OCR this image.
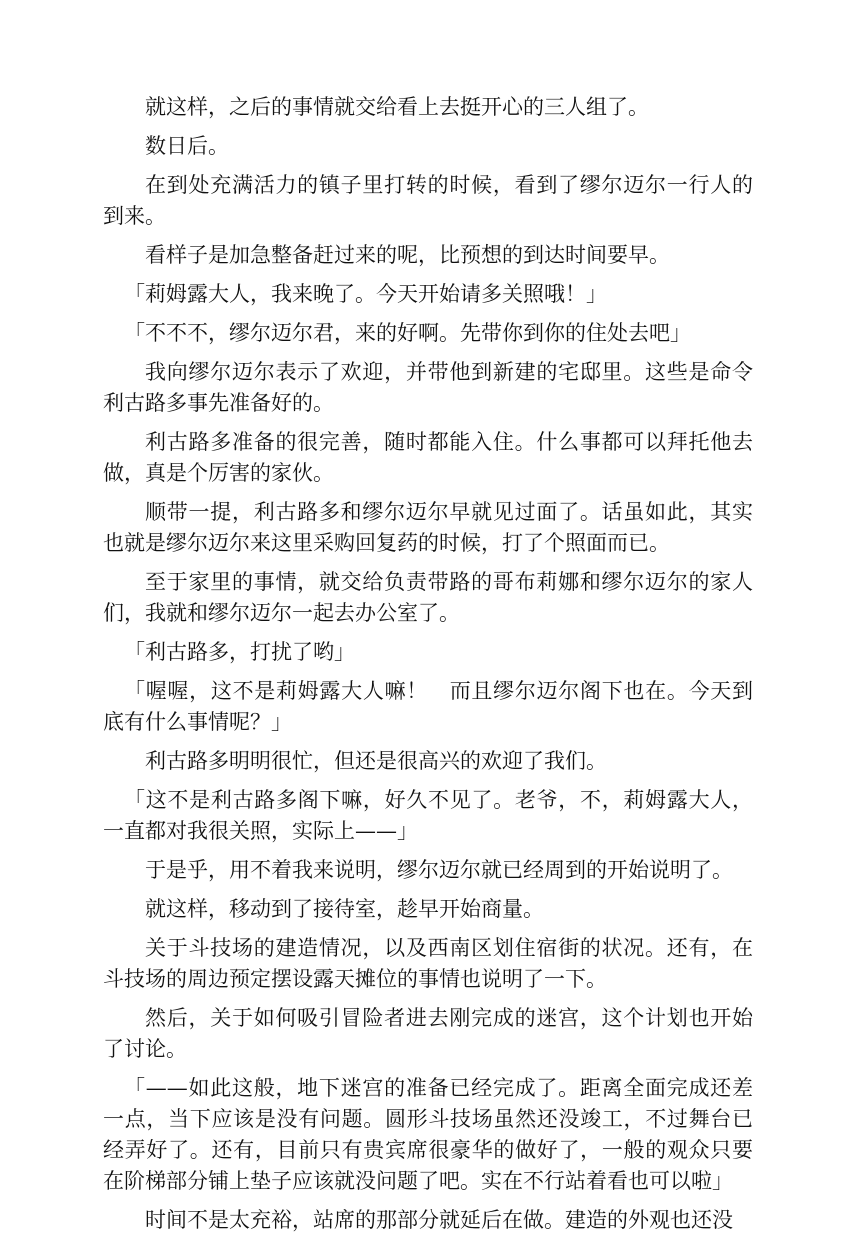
就这样，之后的事情就交给看上去挺开心的三人组了。

数日后。

在到处充满活力的镇子里打转的时候，看到了缪尔迈尔一行人的到来。

看样子是加急整备赶过来的呢，比预想的到达时间要早。

「莉姆露大人，我来晚了。今天开始请多关照哦！」

「不不不，缪尔迈尔君，来的好啊。先带你到你的住处去吧」

我向缪尔迈尔表示了欢迎，并带他到新建的宅邸里。这些是命令利古路多事先准备好的。

利古路多准备的很完善，随时都能入住。什么事都可以拜托他去做，真是个厉害的家伙。

顺带一提，利古路多和缪尔迈尔早就见过面了。话虽如此，其实也就是缪尔迈尔来这里采购回复药的时候，打了个照面而已。

至于家里的事情，就交给负责带路的哥布莉娜和缪尔迈尔的家人们，我就和缪尔迈尔一起去办公室了。

「利古路多，打扰了哟」

「喔喔，这不是莉姆露大人嘛！　而且缪尔迈尔阁下也在。今天到底有什么事情呢？」

利古路多明明很忙，但还是很高兴的欢迎了我们。

「这不是利古路多阁下嘛，好久不见了。老爷，不，莉姆露大人，一直都对我很关照，实际上——」

于是乎，用不着我来说明，缪尔迈尔就已经周到的开始说明了。

就这样，移动到了接待室，趁早开始商量。

关于斗技场的建造情况，以及西南区划住宿街的状况。还有，在斗技场的周边预定摆设露天摊位的事情也说明了一下。

然后，关于如何吸引冒险者进去刚完成的迷宫，这个计划也开始了讨论。

「——如此这般，地下迷宫的准备已经完成了。距离全面完成还差一点，当下应该是没有问题。圆形斗技场虽然还没竣工，不过舞台已经弄好了。还有，目前只有贵宾席很豪华的做好了，一般的观众只要在阶梯部分铺上垫子应该就没问题了吧。实在不行站着看也可以啦」

时间不是太充裕，站席的那部分就延后在做。建造的外观也还没
